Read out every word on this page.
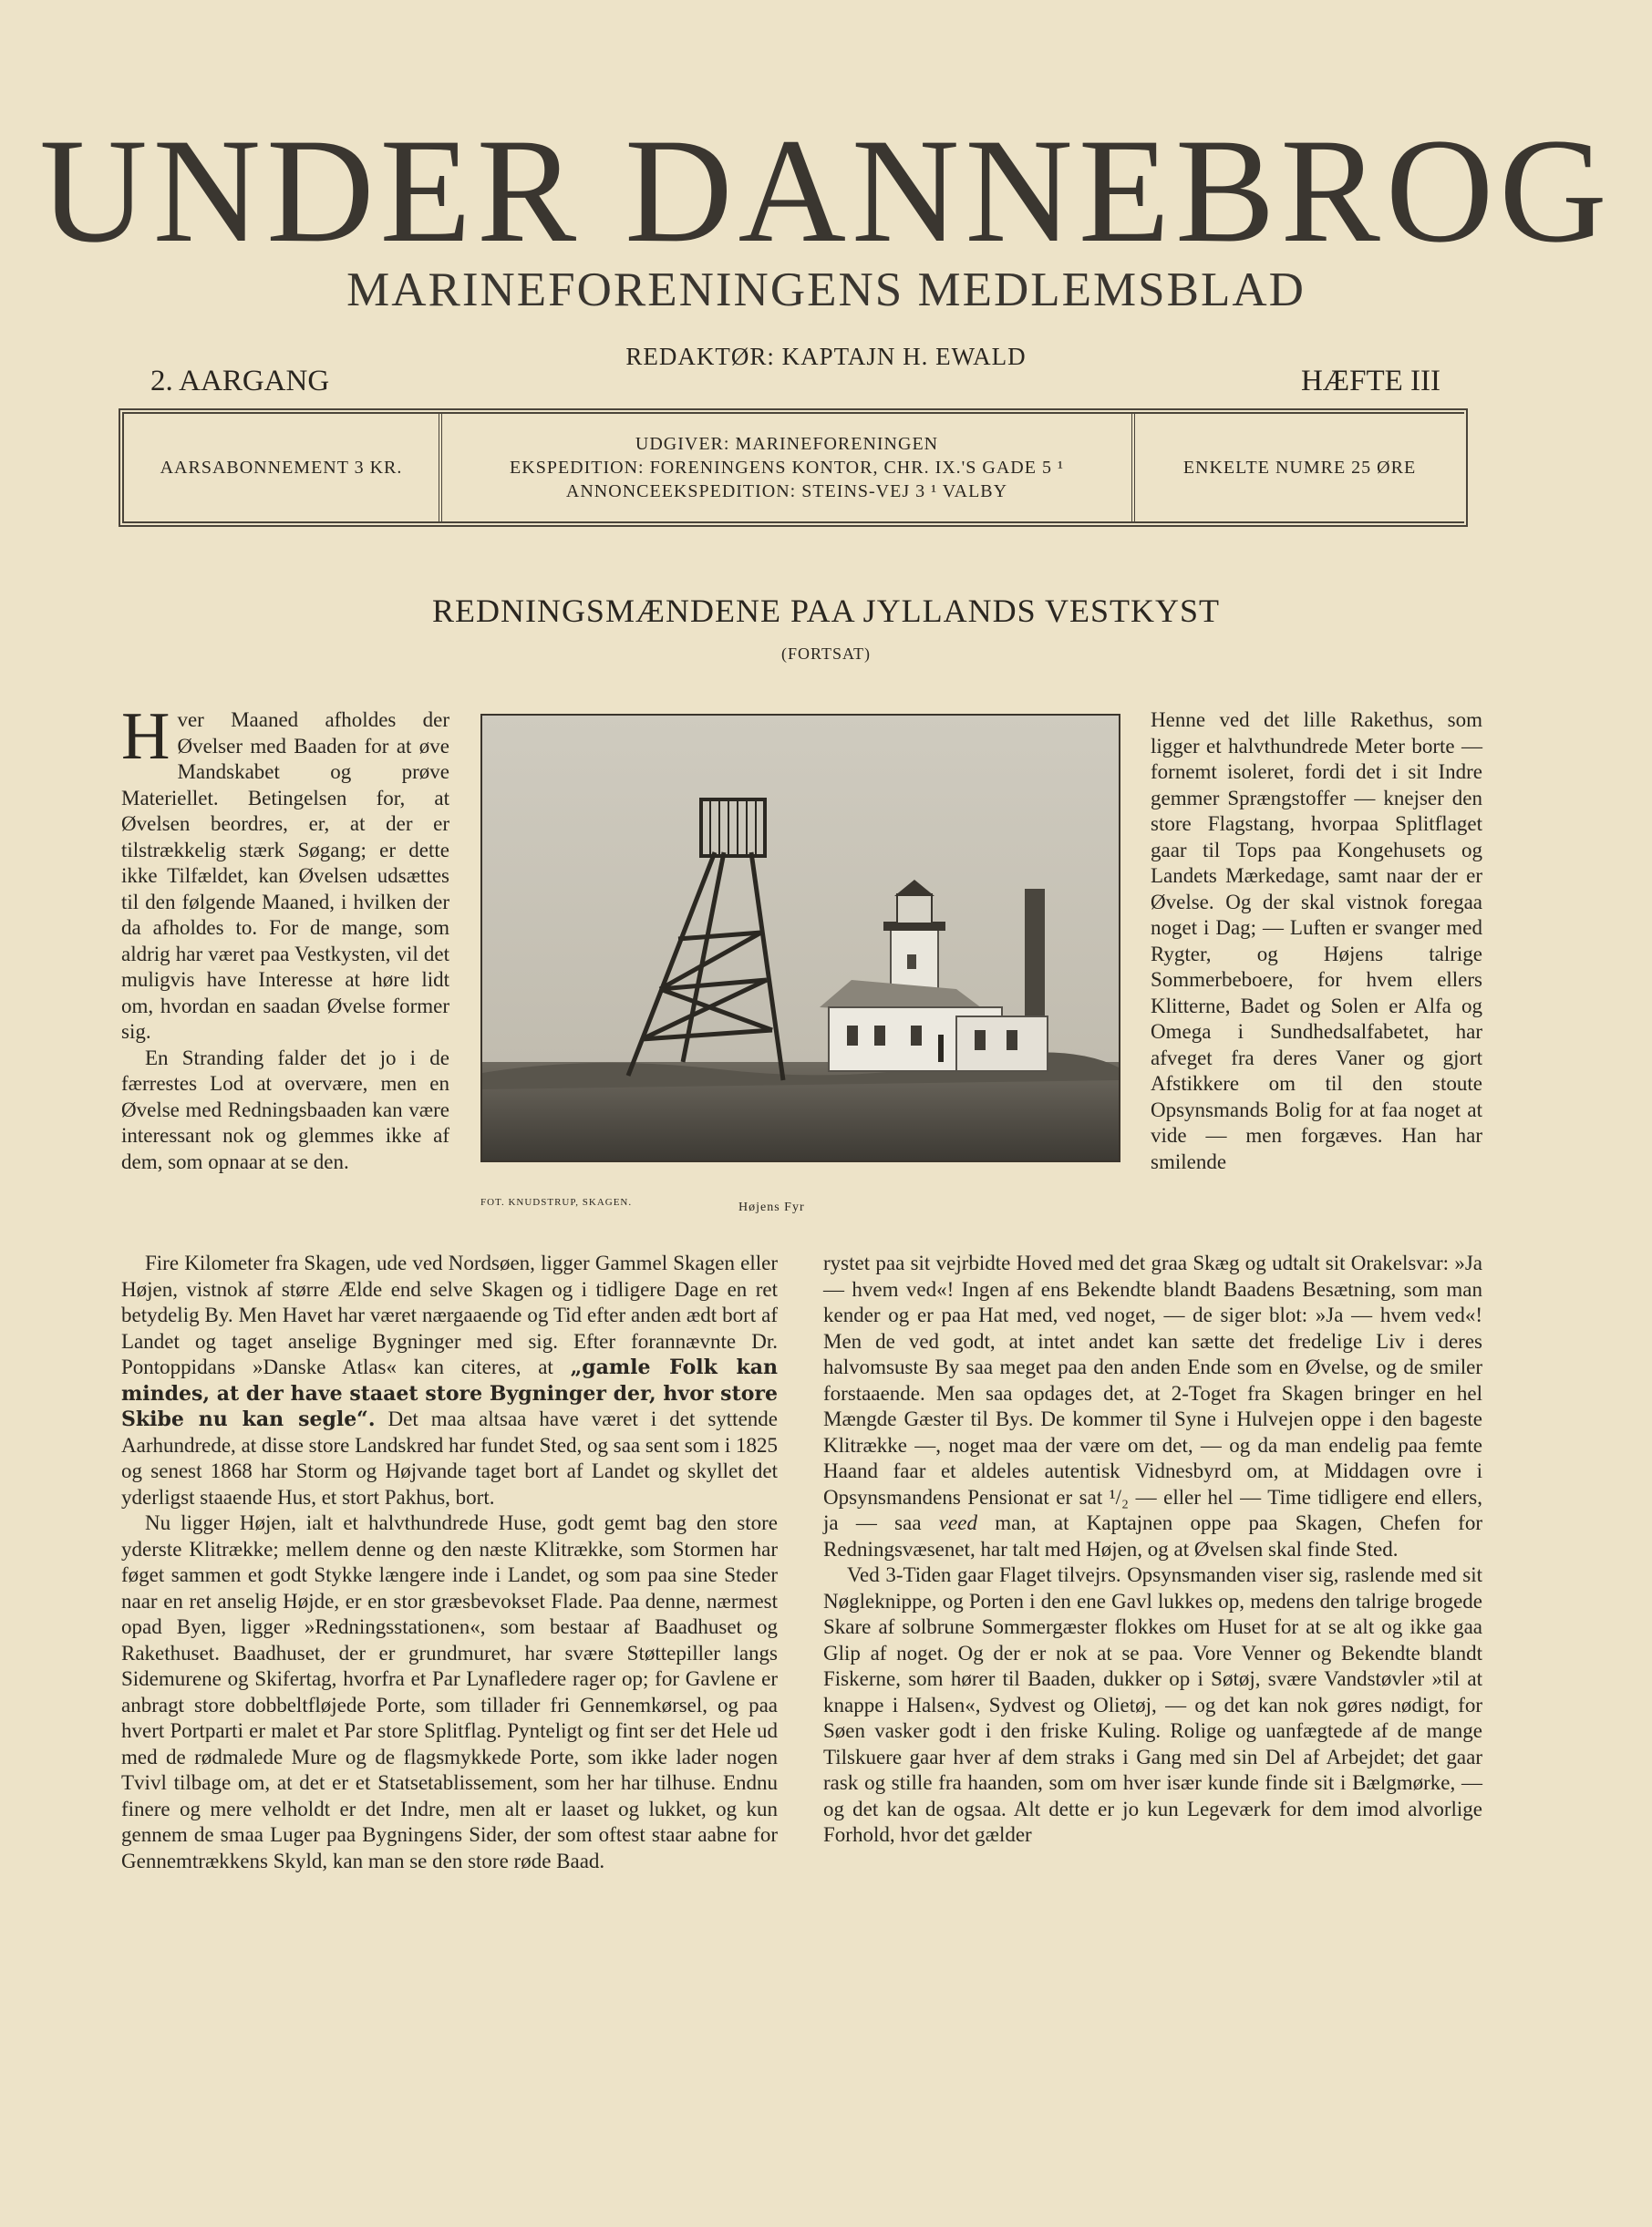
UNDER DANNEBROG
MARINEFORENINGENS MEDLEMSBLAD
REDAKTØR: KAPTAJN H. EWALD
2. AARGANG	HÆFTE III
AARSABONNEMENT 3 KR.
UDGIVER: MARINEFORENINGEN
EKSPEDITION: FORENINGENS KONTOR, CHR. IX.'S GADE 5 ¹
ANNONCEEKSPEDITION: STEINS-VEJ 3 ¹ VALBY
ENKELTE NUMRE 25 ØRE
REDNINGSMÆNDENE PAA JYLLANDS VESTKYST
(FORTSAT)

Hver Maaned afholdes der Øvelser med Baaden for at øve Mandskabet og prøve Materiellet. Betingelsen for, at Øvelsen beordres, er, at der er tilstrækkelig stærk Søgang; er dette ikke Tilfældet, kan Øvelsen udsættes til den følgende Maaned, i hvilken der da afholdes to. For de mange, som aldrig har været paa Vestkysten, vil det muligvis have Interesse at høre lidt om, hvordan en saadan Øvelse former sig.

En Stranding falder det jo i de færrestes Lod at overvære, men en Øvelse med Redningsbaaden kan være interessant nok og glemmes ikke af dem, som opnaar at se den.

FOT. KNUDSTRUP, SKAGEN.	Højens Fyr

Henne ved det lille Rakethus, som ligger et halvthundrede Meter borte — fornemt isoleret, fordi det i sit Indre gemmer Sprængstoffer — knejser den store Flagstang, hvorpaa Splitflaget gaar til Tops paa Kongehusets og Landets Mærkedage, samt naar der er Øvelse. Og der skal vistnok foregaa noget i Dag; — Luften er svanger med Rygter, og Højens talrige Sommerbeboere, for hvem ellers Klitterne, Badet og Solen er Alfa og Omega i Sundhedsalfabetet, har afveget fra deres Vaner og gjort Afstikkere om til den stoute Opsynsmands Bolig for at faa noget at vide — men forgæves. Han har smilende

Fire Kilometer fra Skagen, ude ved Nordsøen, ligger Gammel Skagen eller Højen, vistnok af større Ælde end selve Skagen og i tidligere Dage en ret betydelig By. Men Havet har været nærgaaende og Tid efter anden ædt bort af Landet og taget anselige Bygninger med sig. Efter forannævnte Dr. Pontoppidans »Danske Atlas« kan citeres, at „gamle Folk kan mindes, at der have staaet store Bygninger der, hvor store Skibe nu kan segle“. Det maa altsaa have været i det syttende Aarhundrede, at disse store Landskred har fundet Sted, og saa sent som i 1825 og senest 1868 har Storm og Højvande taget bort af Landet og skyllet det yderligst staaende Hus, et stort Pakhus, bort.

Nu ligger Højen, ialt et halvthundrede Huse, godt gemt bag den store yderste Klitrække; mellem denne og den næste Klitrække, som Stormen har føget sammen et godt Stykke længere inde i Landet, og som paa sine Steder naar en ret anselig Højde, er en stor græsbevokset Flade. Paa denne, nærmest opad Byen, ligger »Redningsstationen«, som bestaar af Baadhuset og Rakethuset. Baadhuset, der er grundmuret, har svære Støttepiller langs Sidemurene og Skifertag, hvorfra et Par Lynafledere rager op; for Gavlene er anbragt store dobbeltfløjede Porte, som tillader fri Gennemkørsel, og paa hvert Portparti er malet et Par store Splitflag. Pynteligt og fint ser det Hele ud med de rødmalede Mure og de flagsmykkede Porte, som ikke lader nogen Tvivl tilbage om, at det er et Statsetablissement, som her har tilhuse. Endnu finere og mere velholdt er det Indre, men alt er laaset og lukket, og kun gennem de smaa Luger paa Bygningens Sider, der som oftest staar aabne for Gennemtrækkens Skyld, kan man se den store røde Baad.

rystet paa sit vejrbidte Hoved med det graa Skæg og udtalt sit Orakelsvar: »Ja — hvem ved«! Ingen af ens Bekendte blandt Baadens Besætning, som man kender og er paa Hat med, ved noget, — de siger blot: »Ja — hvem ved«! Men de ved godt, at intet andet kan sætte det fredelige Liv i deres halvomsuste By saa meget paa den anden Ende som en Øvelse, og de smiler forstaaende. Men saa opdages det, at 2-Toget fra Skagen bringer en hel Mængde Gæster til Bys. De kommer til Syne i Hulvejen oppe i den bageste Klitrække —, noget maa der være om det, — og da man endelig paa femte Haand faar et aldeles autentisk Vidnesbyrd om, at Middagen ovre i Opsynsmandens Pensionat er sat ¹/₂ — eller hel — Time tidligere end ellers, ja — saa veed man, at Kaptajnen oppe paa Skagen, Chefen for Redningsvæsenet, har talt med Højen, og at Øvelsen skal finde Sted.

Ved 3-Tiden gaar Flaget tilvejrs. Opsynsmanden viser sig, raslende med sit Nøgleknippe, og Porten i den ene Gavl lukkes op, medens den talrige brogede Skare af solbrune Sommergæster flokkes om Huset for at se alt og ikke gaa Glip af noget. Og der er nok at se paa. Vore Venner og Bekendte blandt Fiskerne, som hører til Baaden, dukker op i Søtøj, svære Vandstøvler »til at knappe i Halsen«, Sydvest og Olietøj, — og det kan nok gøres nødigt, for Søen vasker godt i den friske Kuling. Rolige og uanfægtede af de mange Tilskuere gaar hver af dem straks i Gang med sin Del af Arbejdet; det gaar rask og stille fra haanden, som om hver især kunde finde sit i Bælgmørke, — og det kan de ogsaa. Alt dette er jo kun Legeværk for dem imod alvorlige Forhold, hvor det gælder
